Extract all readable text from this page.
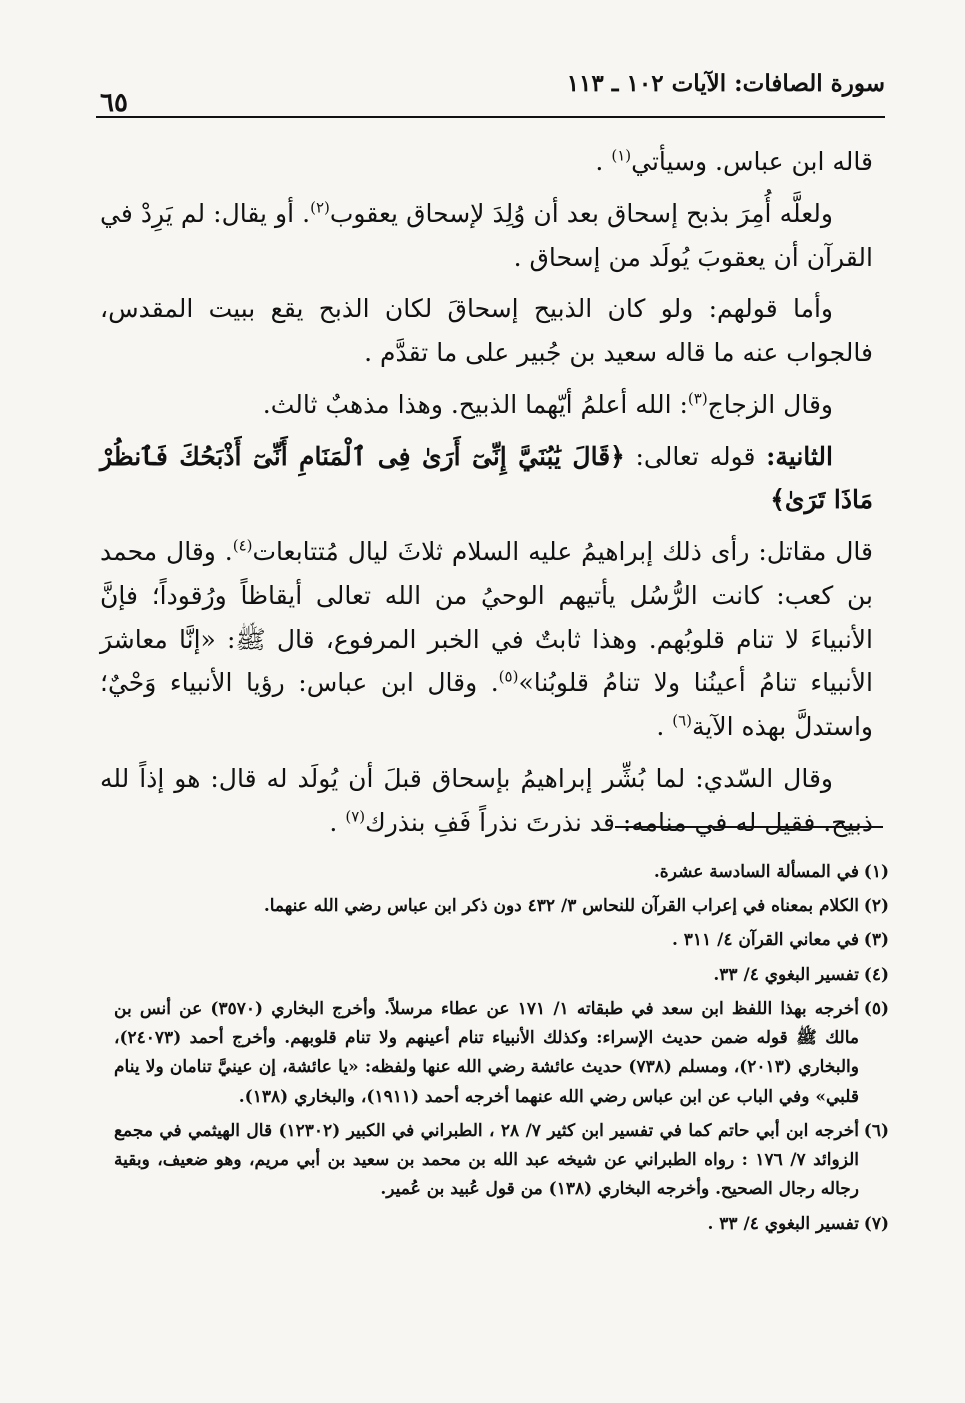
سورة الصافات: الآيات ١٠٢ ـ ١١٣
٦٥

قاله ابن عباس. وسيأتي$^{(١)}$ .

ولعلَّه أُمِرَ بذبح إسحاق بعد أن وُلِدَ لإسحاق يعقوب$^{(٢)}$. أو يقال: لم يَرِدْ في القرآن أن يعقوبَ يُولَد من إسحاق .

وأما قولهم: ولو كان الذبيح إسحاقَ لكان الذبح يقع ببيت المقدس، فالجواب عنه ما قاله سعيد بن جُبير على ما تقدَّم .

وقال الزجاج$^{(٣)}$: الله أعلمُ أيّهما الذبيح. وهذا مذهبٌ ثالث.

الثانية: قوله تعالى: ﴿قَالَ يَٰبُنَيَّ إِنِّىٓ أَرَىٰ فِى ٱلْمَنَامِ أَنِّىٓ أَذْبَحُكَ فَٱنظُرْ مَاذَا تَرَىٰ﴾

قال مقاتل: رأى ذلك إبراهيمُ عليه السلام ثلاثَ ليال مُتتابعات$^{(٤)}$. وقال محمد بن كعب: كانت الرُّسُل يأتيهم الوحيُ من الله تعالى أيقاظاً ورُقوداً؛ فإنَّ الأنبياءَ لا تنام قلوبُهم. وهذا ثابتٌ في الخبر المرفوع، قال ﷺ: «إنَّا معاشرَ الأنبياء تنامُ أعينُنا ولا تنامُ قلوبُنا»$^{(٥)}$. وقال ابن عباس: رؤيا الأنبياء وَحْيٌ؛ واستدلَّ بهذه الآية$^{(٦)}$ .

وقال السّدي: لما بُشِّر إبراهيمُ بإسحاق قبلَ أن يُولَد له قال: هو إذاً لله ذبيح. فقيل له في منامه: قد نذرتَ نذراً فَفِ بنذرك$^{(٧)}$ .

(١)
في المسألة السادسة عشرة.
(٢)
الكلام بمعناه في إعراب القرآن للنحاس ٣/ ٤٣٢ دون ذكر ابن عباس رضي الله عنهما.
(٣)
في معاني القرآن ٤/ ٣١١ .
(٤)
تفسير البغوي ٤/ ٣٣.
(٥)
أخرجه بهذا اللفظ ابن سعد في طبقاته ١/ ١٧١ عن عطاء مرسلاً. وأخرج البخاري (٣٥٧٠) عن أنس بن مالك ﷺ قوله ضمن حديث الإسراء: وكذلك الأنبياء تنام أعينهم ولا تنام قلوبهم. وأخرج أحمد (٢٤٠٧٣)، والبخاري (٢٠١٣)، ومسلم (٧٣٨) حديث عائشة رضي الله عنها ولفظه: «يا عائشة، إن عينيَّ تنامان ولا ينام قلبي» وفي الباب عن ابن عباس رضي الله عنهما أخرجه أحمد (١٩١١)، والبخاري (١٣٨).
(٦)
أخرجه ابن أبي حاتم كما في تفسير ابن كثير ٧/ ٢٨ ، الطبراني في الكبير (١٢٣٠٢) قال الهيثمي في مجمع الزوائد ٧/ ١٧٦ : رواه الطبراني عن شيخه عبد الله بن محمد بن سعيد بن أبي مريم، وهو ضعيف، وبقية رجاله رجال الصحيح. وأخرجه البخاري (١٣٨) من قول عُبيد بن عُمير.
(٧)
تفسير البغوي ٤/ ٣٣ .
